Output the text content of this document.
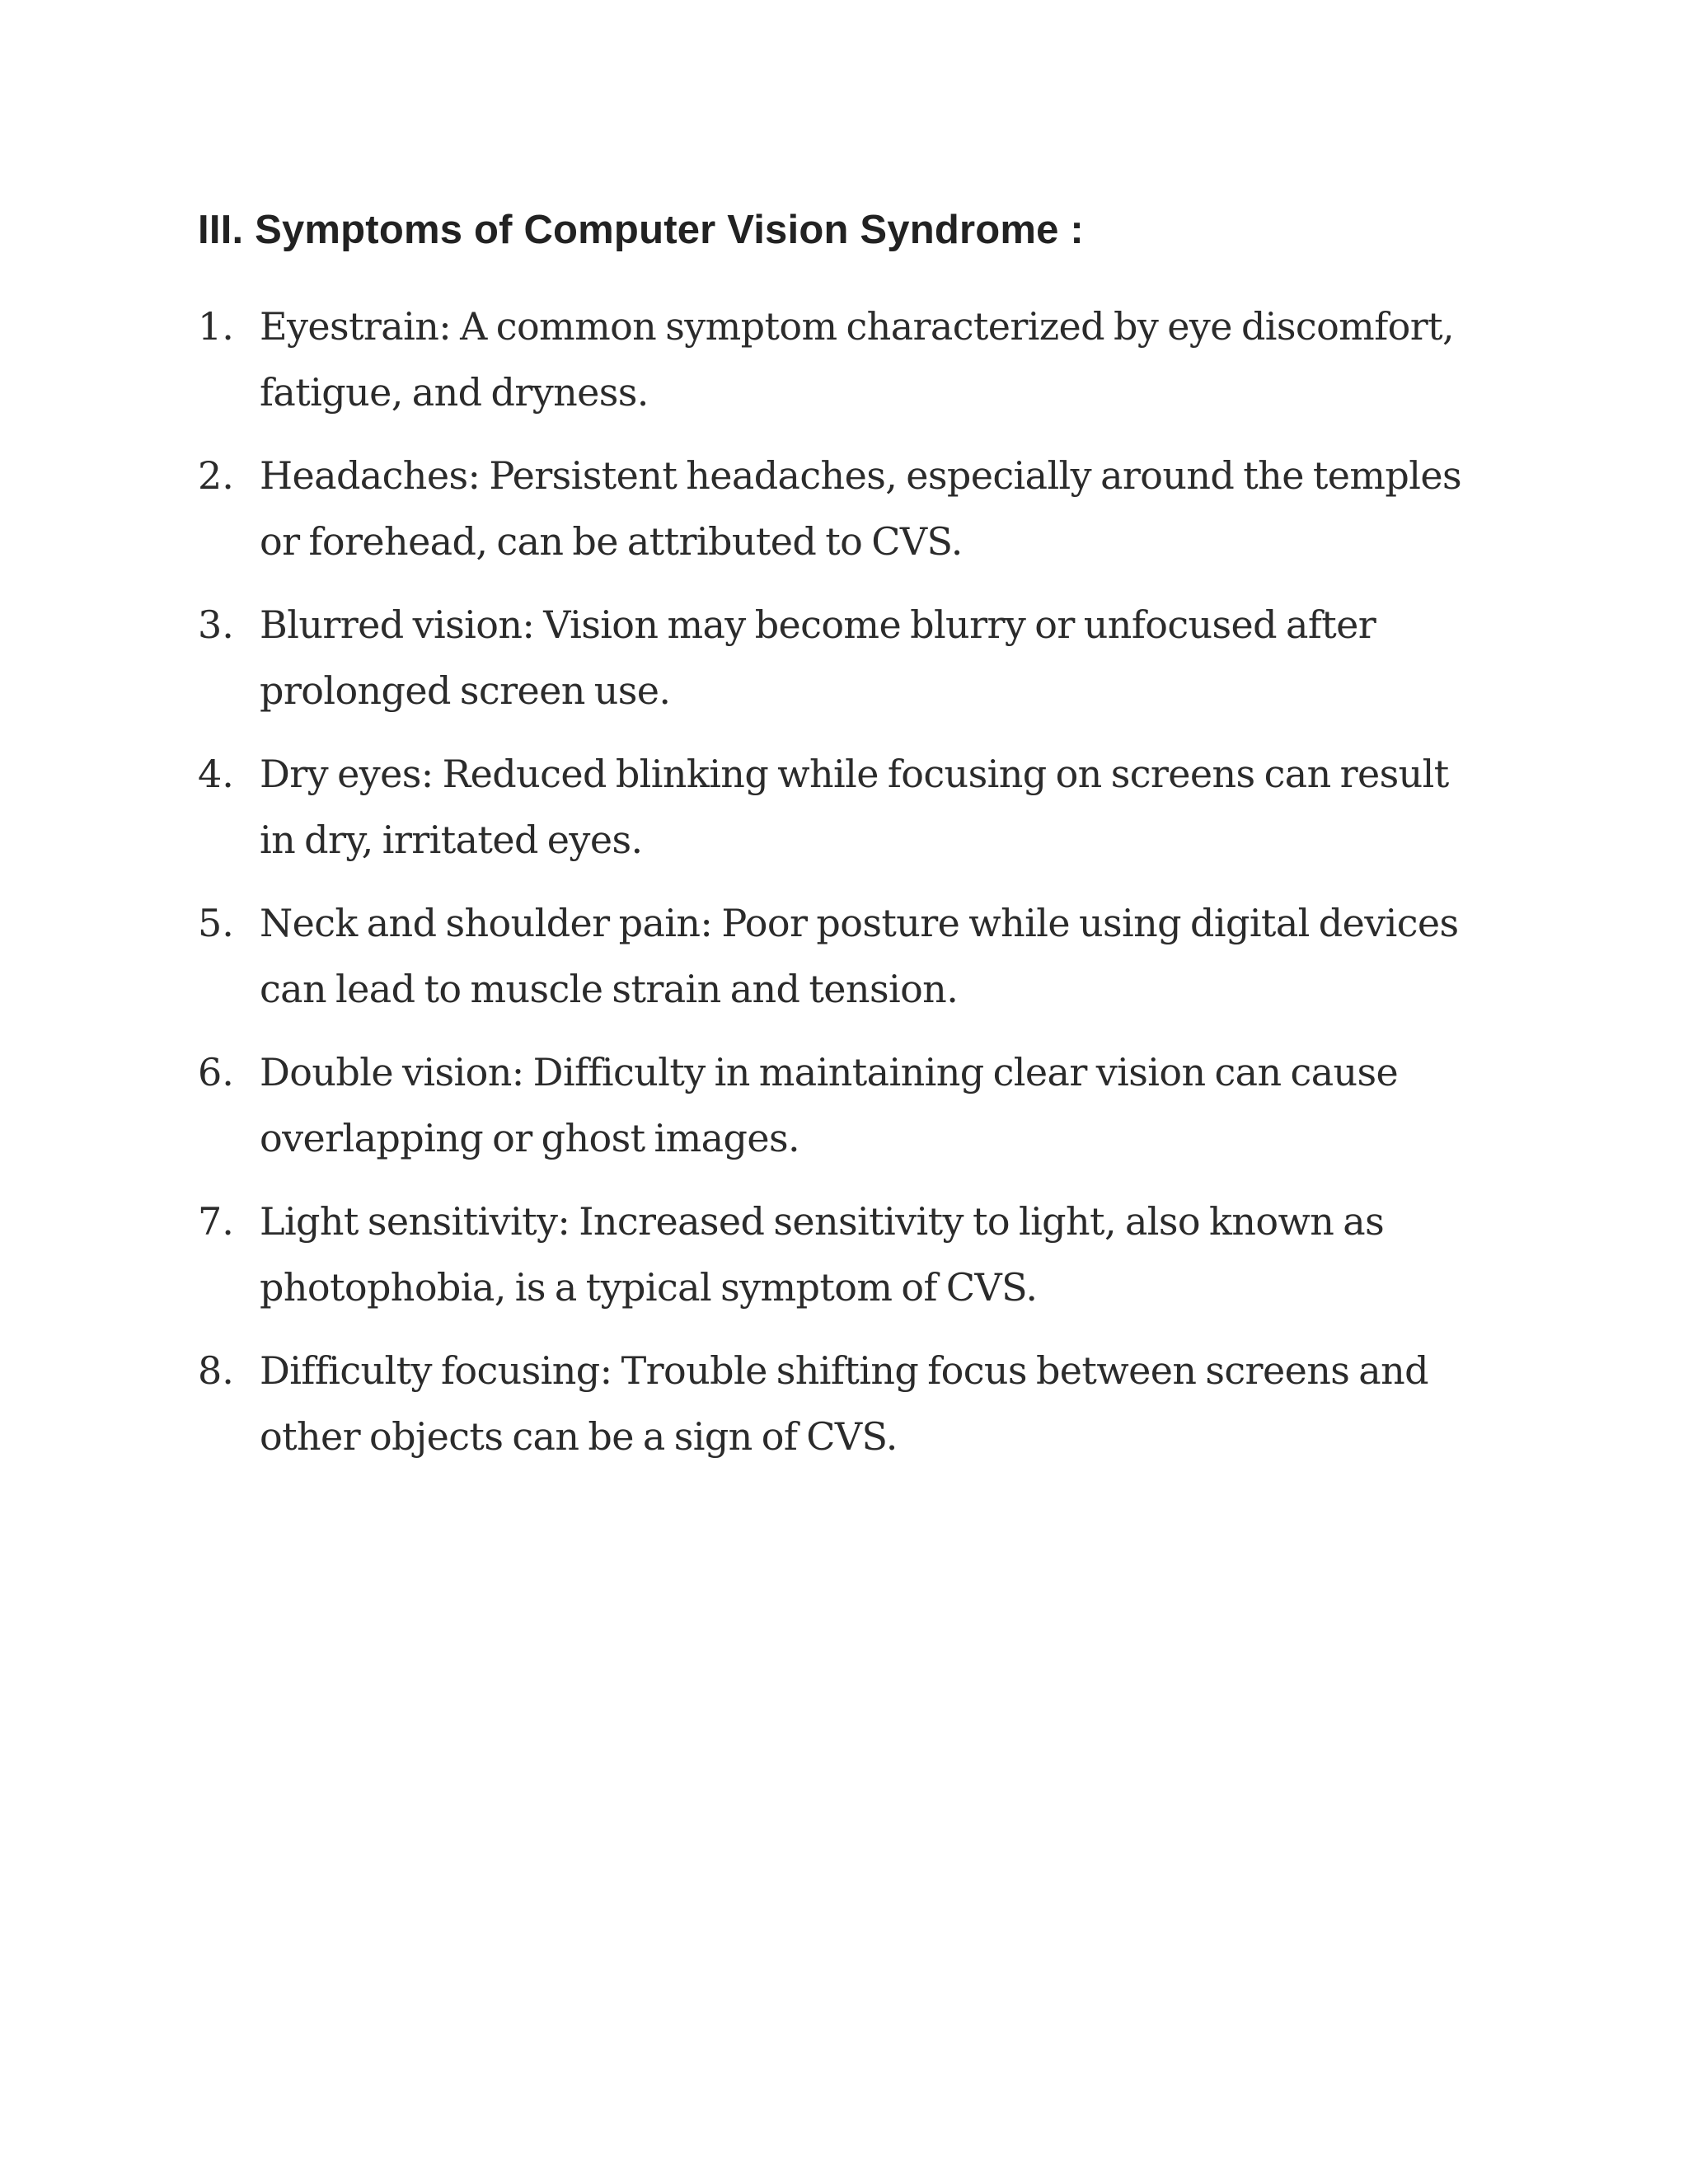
III. Symptoms of Computer Vision Syndrome :
1. Eyestrain: A common symptom characterized by eye discomfort, fatigue, and dryness.
2. Headaches: Persistent headaches, especially around the temples or forehead, can be attributed to CVS.
3. Blurred vision: Vision may become blurry or unfocused after prolonged screen use.
4. Dry eyes: Reduced blinking while focusing on screens can result in dry, irritated eyes.
5. Neck and shoulder pain: Poor posture while using digital devices can lead to muscle strain and tension.
6. Double vision: Difficulty in maintaining clear vision can cause overlapping or ghost images.
7. Light sensitivity: Increased sensitivity to light, also known as photophobia, is a typical symptom of CVS.
8. Difficulty focusing: Trouble shifting focus between screens and other objects can be a sign of CVS.
